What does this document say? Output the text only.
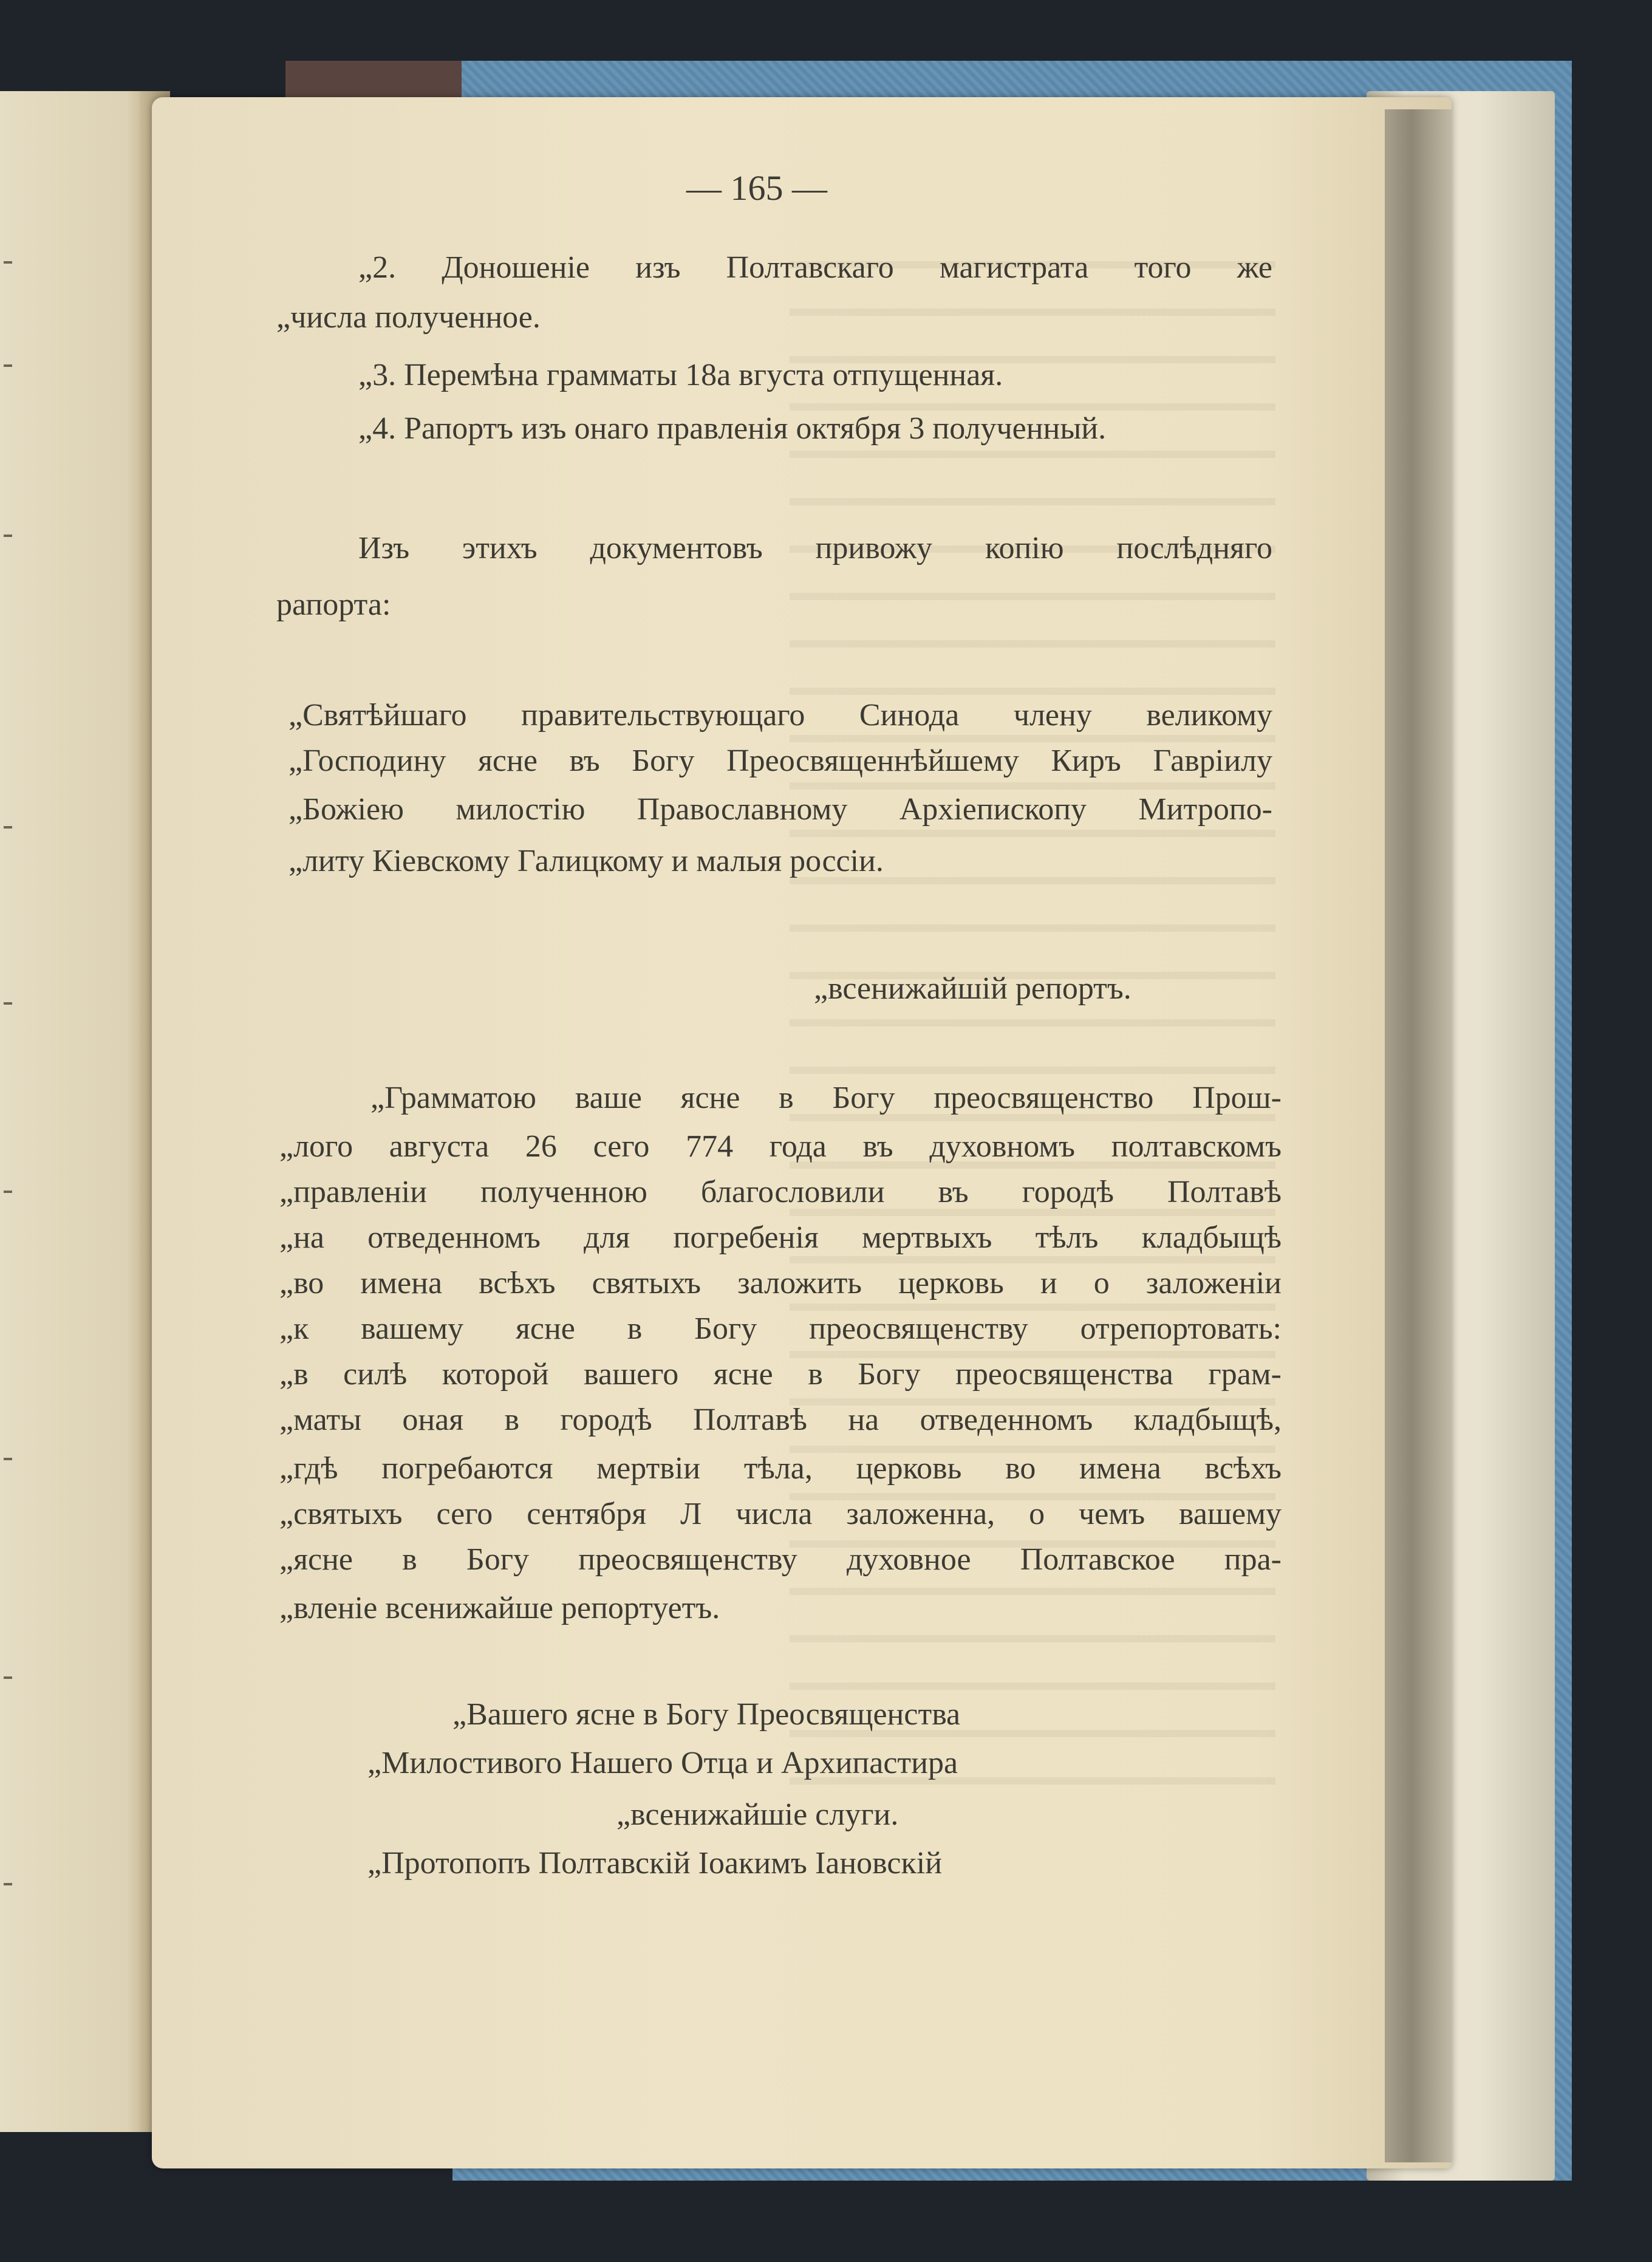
— 165 —
„2. Доношеніе изъ Полтавскаго магистрата того же
„числа полученное.
„3. Перемѣна грамматы 18а вгуста отпущенная.
„4. Рапортъ изъ онаго правленія октября 3 полученный.
Изъ этихъ документовъ привожу копію послѣдняго
рапорта:
„Святѣйшаго правительствующаго Синода члену великому
„Господину ясне въ Богу Преосвященнѣйшему Киръ Гавріилу
„Божіею милостію Православному Архіепископу Митропо-
„литу Кіевскому Галицкому и малыя россіи.
„всенижайшій репортъ.
„Грамматою ваше ясне в Богу преосвященство Прош-
„лого августа 26 сего 774 года въ духовномъ полтавскомъ
„правленіи полученною благословили въ городѣ Полтавѣ
„на отведенномъ для погребенія мертвыхъ тѣлъ кладбыщѣ
„во имена всѣхъ святыхъ заложить церковь и о заложеніи
„к вашему ясне в Богу преосвященству отрепортовать:
„в силѣ которой вашего ясне в Богу преосвященства грам-
„маты оная в городѣ Полтавѣ на отведенномъ кладбыщѣ,
„гдѣ погребаются мертвіи тѣла, церковь во имена всѣхъ
„святыхъ сего сентября Л числа заложенна, о чемъ вашему
„ясне в Богу преосвященству духовное Полтавское пра-
„вленіе всенижайше репортуетъ.
„Вашего ясне в Богу Преосвященства
„Милостивого Нашего Отца и Архипастира
„всенижайшіе слуги.
„Протопопъ Полтавскій Іоакимъ Іановскій
